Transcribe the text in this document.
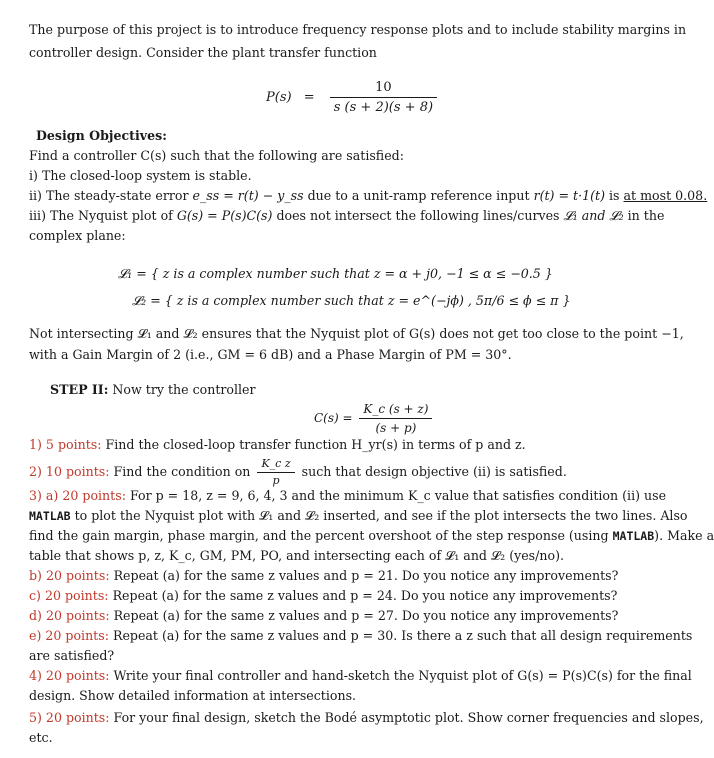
The purpose of this project is to introduce frequency response plots and to include stability margins in
controller design. Consider the plant transfer function
$P(s) = \frac{10}{s (s + 2)(s + 8)}$
Design Objectives:
Find a controller C(s) such that the following are satisfied:
i) The closed-loop system is stable.
ii) The steady-state error e_ss = r(t) − y_ss due to a unit-ramp reference input r(t) = t·1(t) is at most 0.08.
iii) The Nyquist plot of G(s) = P(s)C(s) does not intersect the following lines/curves 𝓛₁ and 𝓛₂ in the
complex plane:
𝓛₁ = { z is a complex number such that z = α + j0, −1 ≤ α ≤ −0.5 }
𝓛₂ = { z is a complex number such that z = e^(−jϕ) , 5π/6 ≤ ϕ ≤ π }
Not intersecting 𝓛₁ and 𝓛₂ ensures that the Nyquist plot of G(s) does not get too close to the point −1,
with a Gain Margin of 2 (i.e., GM = 6 dB) and a Phase Margin of PM = 30°.
STEP II: Now try the controller
$C(s) = \frac{K\_c (s + z)}{(s + p)}$
1) 5 points: Find the closed-loop transfer function H_yr(s) in terms of p and z.
2) 10 points: Find the condition on $\frac{\text{K\_c z}}{p}$ such that design objective (ii) is satisfied.
3) a) 20 points: For p = 18, z = 9, 6, 4, 3 and the minimum K_c value that satisfies condition (ii) use
MATLAB to plot the Nyquist plot with 𝓛₁ and 𝓛₂ inserted, and see if the plot intersects the two lines. Also
find the gain margin, phase margin, and the percent overshoot of the step response (using MATLAB). Make a
table that shows p, z, K_c, GM, PM, PO, and intersecting each of 𝓛₁ and 𝓛₂ (yes/no).
b) 20 points: Repeat (a) for the same z values and p = 21. Do you notice any improvements?
c) 20 points: Repeat (a) for the same z values and p = 24. Do you notice any improvements?
d) 20 points: Repeat (a) for the same z values and p = 27. Do you notice any improvements?
e) 20 points: Repeat (a) for the same z values and p = 30. Is there a z such that all design requirements
are satisfied?
4) 20 points: Write your final controller and hand-sketch the Nyquist plot of G(s) = P(s)C(s) for the final
design. Show detailed information at intersections.
5) 20 points: For your final design, sketch the Bodé asymptotic plot. Show corner frequencies and slopes,
etc.
